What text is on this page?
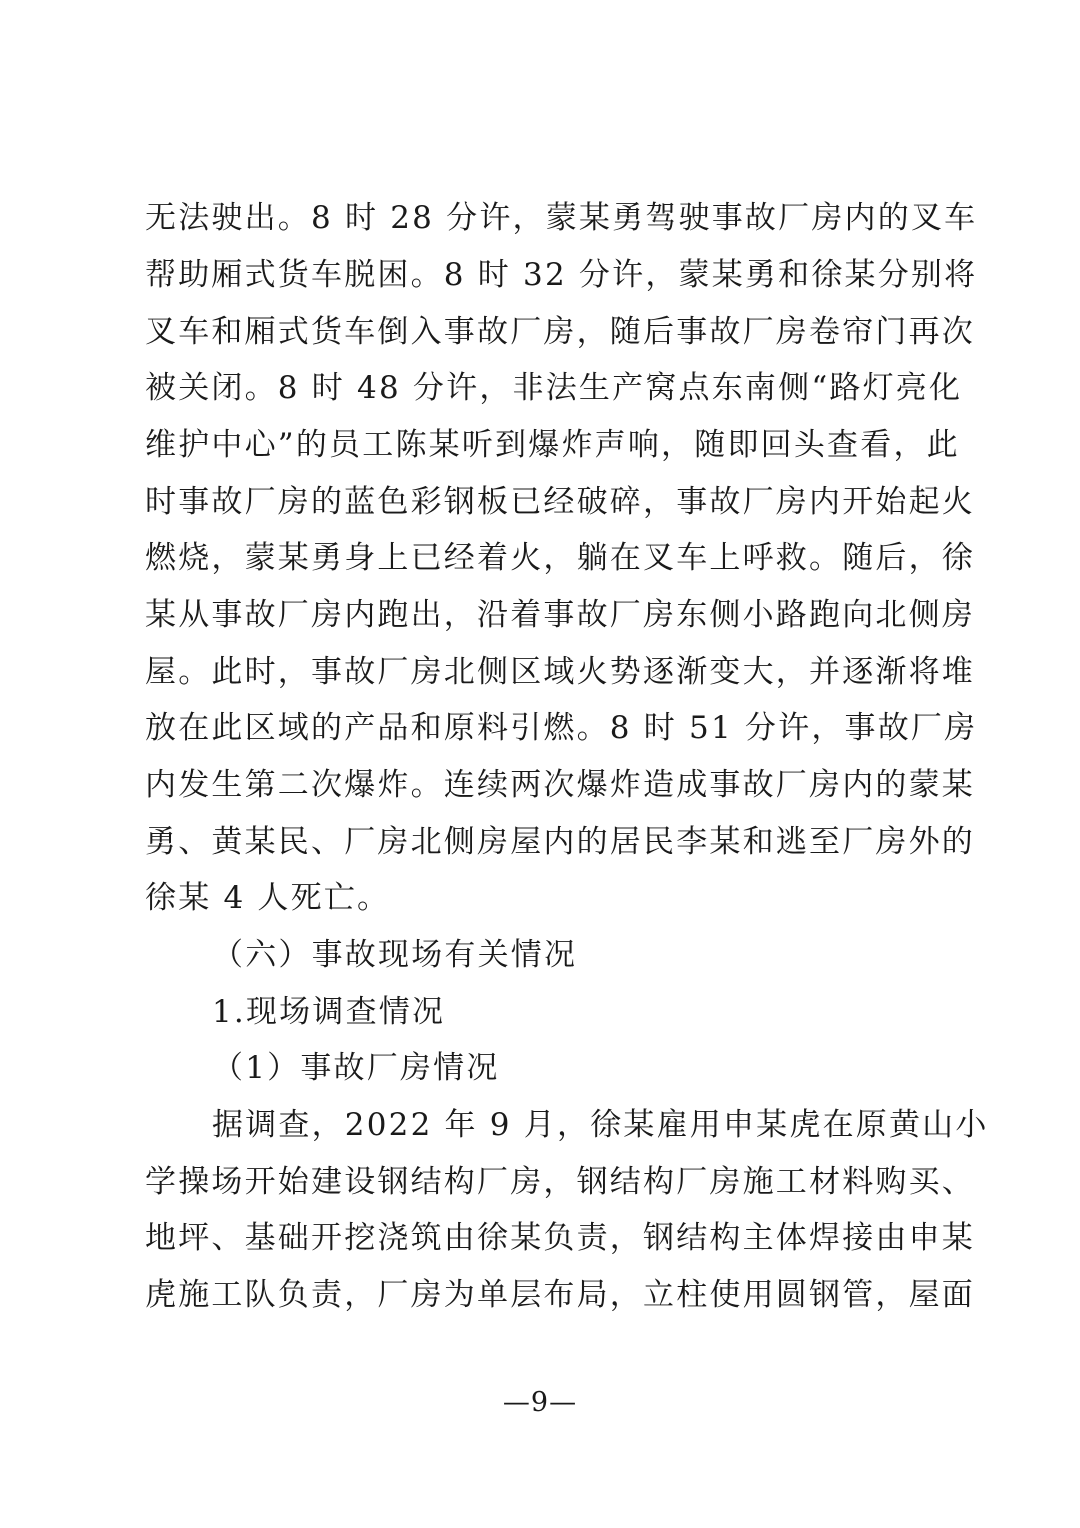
无法驶出。8 时 28 分许，蒙某勇驾驶事故厂房内的叉车
帮助厢式货车脱困。8 时 32 分许，蒙某勇和徐某分别将
叉车和厢式货车倒入事故厂房，随后事故厂房卷帘门再次
被关闭。8 时 48 分许，非法生产窝点东南侧“路灯亮化
维护中心”的员工陈某听到爆炸声响，随即回头查看，此
时事故厂房的蓝色彩钢板已经破碎，事故厂房内开始起火
燃烧，蒙某勇身上已经着火，躺在叉车上呼救。随后，徐
某从事故厂房内跑出，沿着事故厂房东侧小路跑向北侧房
屋。此时，事故厂房北侧区域火势逐渐变大，并逐渐将堆
放在此区域的产品和原料引燃。8 时 51 分许，事故厂房
内发生第二次爆炸。连续两次爆炸造成事故厂房内的蒙某
勇、黄某民、厂房北侧房屋内的居民李某和逃至厂房外的
徐某 4 人死亡。
（六）事故现场有关情况
1.现场调查情况
（1）事故厂房情况
据调查，2022 年 9 月，徐某雇用申某虎在原黄山小
学操场开始建设钢结构厂房，钢结构厂房施工材料购买、
地坪、基础开挖浇筑由徐某负责，钢结构主体焊接由申某
虎施工队负责，厂房为单层布局，立柱使用圆钢管，屋面
—9—
